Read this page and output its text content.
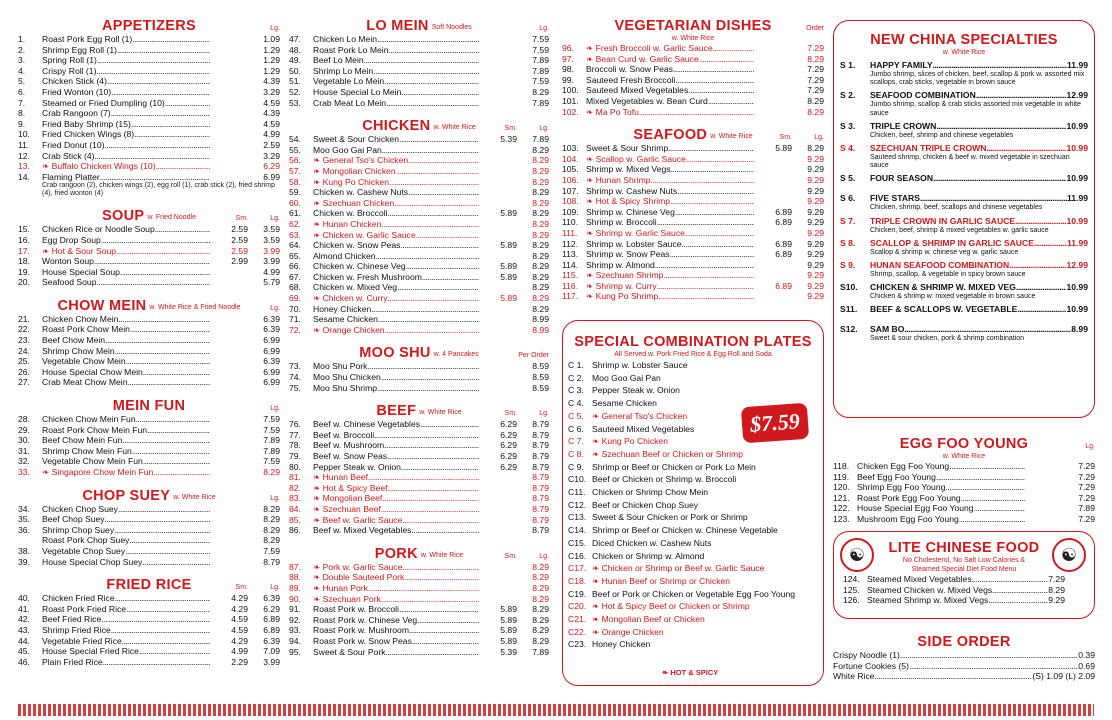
APPETIZERS	Lg.
1.	Roast Pork Egg Roll (1) .....	1.09
2.	Shrimp Egg Roll (1) .....	1.29
3.	Spring Roll (1) .....	1.29
4.	Crispy Roll (1) .....	1.29
5.	Chicken Stick (4) .....	4.39
6.	Fried Wonton (10) .....	3.29
7.	Steamed or Fried Dumpling (10) .....	4.59
8.	Crab Rangoon (7) .....	4.39
9.	Fried Baby Shrimp (15) .....	4.59
10.	Fried Chicken Wings (8) .....	4.99
11.	Fried Donut (10) .....	2.59
12.	Crab Stick (4) .....	3.29
13.	❧ Buffalo Chicken Wings (10) .....	6.29
14.	Flaming Platter .....	6.99
Crab rangoon (2), chicken wings (2), egg roll (1), crab stick (2), fried shrimp (4), fried wonton (4)
SOUP w. Fried Noodle	Sm.	Lg.
15.	Chicken Rice or Noodle Soup .....	2.59	3.59
16.	Egg Drop Soup .....	2.59	3.59
17.	❧ Hot & Sour Soup .....	2.59	3.99
18.	Wonton Soup .....	2.99	3.99
19.	House Special Soup .....	4.99
20.	Seafood Soup .....	5.79
CHOW MEIN w. White Rice & Fried Noodle	Lg.
21.	Chicken Chow Mein .....	6.39
22.	Roast Pork Chow Mein .....	6.39
23.	Beef Chow Mein .....	6.99
24.	Shrimp Chow Mein .....	6.99
25.	Vegetable Chow Mein .....	6.39
26.	House Special Chow Mein .....	6.99
27.	Crab Meat Chow Mein .....	6.99
MEIN FUN	Lg.
28.	Chicken Chow Mein Fun .....	7.59
29.	Roast Pork Chow Mein Fun .....	7.59
30.	Beef Chow Mein Fun .....	7.89
31.	Shrimp Chow Mein Fun .....	7.89
32.	Vegetable Chow Mein Fun .....	7.59
33.	❧ Singapore Chow Mein Fun .....	8.29
CHOP SUEY w. White Rice	Lg.
34.	Chicken Chop Suey .....	8.29
35.	Beef Chop Suey .....	8.29
36.	Shrimp Chop Suey .....	8.29
Roast Pork Chop Suey .....	8.29
38.	Vegetable Chop Suey .....	7.59
39.	House Special Chop Suey .....	8.79
FRIED RICE	Sm.	Lg.
40.	Chicken Fried Rice .....	4.29	6.39
41.	Roast Pork Fried Rice .....	4.29	6.29
42.	Beef Fried Rice .....	4.59	6.89
43.	Shrimp Fried Rice .....	4.59	6.89
44.	Vegetable Fried Rice .....	4.29	6.39
45.	House Special Fried Rice .....	4.99	7.09
46.	Plain Fried Rice .....	2.29	3.99
LO MEIN Soft Noodles	Lg.
47.	Chicken Lo Mein .....	7.59
48.	Roast Pork Lo Mein .....	7.59
49.	Beef Lo Mein .....	7.89
50.	Shrimp Lo Mein .....	7.89
51.	Vegetable Lo Mein .....	7.59
52.	House Special Lo Mein .....	8.29
53.	Crab Meat Lo Mein .....	7.89
CHICKEN w. White Rice	Sm.	Lg.
54.	Sweet & Sour Chicken .....	5.39	7.89
55.	Moo Goo Gai Pan .....	8.29
56.	❧ General Tso's Chicken .....	8.29
57.	❧ Mongolian Chicken .....	8.29
58.	❧ Kung Po Chicken .....	8.29
59.	Chicken w. Cashew Nuts .....	8.29
60.	❧ Szechuan Chicken .....	8.29
61.	Chicken w. Broccoli .....	5.89	8.29
62.	❧ Hunan Chicken .....	8.29
63.	❧ Chicken w. Garlic Sauce .....	8.29
64.	Chicken w. Snow Peas .....	5.89	8.29
65.	Almond Chicken .....	8.29
66.	Chicken w. Chinese Veg .....	5.89	8.29
67.	Chicken w. Fresh Mushroom .....	5.89	8.29
68.	Chicken w. Mixed Veg .....	8.29
69.	❧ Chicken w. Curry .....	5.89	8.29
70.	Honey Chicken .....	8.29
71.	Sesame Chicken .....	8.99
72.	❧ Orange Chicken .....	8.99
MOO SHU w. 4 Pancakes	Per Order
73.	Moo Shu Pork .....	8.59
74.	Moo Shu Chicken .....	8.59
75.	Moo Shu Shrimp .....	8.59
BEEF w. White Rice	Sm.	Lg.
76.	Beef w. Chinese Vegetables .....	6.29	8.79
77.	Beef w. Broccoli .....	6.29	8.79
78.	Beef w. Mushroom .....	6.29	8.79
79.	Beef w. Snow Peas .....	6.29	8.79
80.	Pepper Steak w. Onion .....	6.29	8.79
81.	❧ Hunan Beef .....	8.79
82.	❧ Hot & Spicy Beef .....	8.79
83.	❧ Mongolian Beef .....	8.79
84.	❧ Szechuan Beef .....	8.79
85.	❧ Beef w. Garlic Sauce .....	8.79
86.	Beef w. Mixed Vegetables .....	8.79
PORK w. White Rice	Sm.	Lg.
87.	❧ Pork w. Garlic Sauce .....	8.29
88.	❧ Double Sauteed Pork .....	8.29
89.	❧ Hunan Pork .....	8.29
90.	❧ Szechuan Pork .....	8.29
91.	Roast Pork w. Broccoli .....	5.89	8.29
92.	Roast Pork w. Chinese Veg .....	5.89	8.29
93.	Roast Pork w. Mushroom .....	5.89	8.29
94.	Roast Pork w. Snow Peas .....	5.89	8.29
95.	Sweet & Sour Pork .....	5.39	7.89
VEGETARIAN DISHES	Order
w. White Rice
96.	❧ Fresh Broccoli w. Garlic Sauce .....	7.29
97.	❧ Bean Curd w. Garlic Sauce .....	8.29
98.	Broccoli w. Snow Peas .....	7.29
99.	Sauteed Fresh Broccoli .....	7.29
100. Sauteed Mixed Vegetables .....	7.29
101. Mixed Vegetables w. Bean Curd .....	8.29
102. ❧ Ma Po Tofu .....	8.29
SEAFOOD w. White Rice	Sm.	Lg.
103. Sweet & Sour Shrimp .....	5.89	8.29
104. ❧ Scallop w. Garlic Sauce .....	9.29
105. Shrimp w. Mixed Vegs .....	9.29
106. ❧ Hunan Shrimp .....	9.29
107. Shrimp w. Cashew Nuts .....	9.29
108. ❧ Hot & Spicy Shrimp .....	9.29
109. Shrimp w. Chinese Veg .....	6.89	9.29
110. Shrimp w. Broccoli .....	6.89	9.29
111. ❧ Shrimp w. Garlic Sauce .....	9.29
112. Shrimp w. Lobster Sauce .....	6.89	9.29
113. Shrimp w. Snow Peas .....	6.89	9.29
114. Shrimp w. Almond .....	9.29
115. ❧ Szechuan Shrimp .....	9.29
116. ❧ Shrimp w. Curry .....	6.89	9.29
117. ❧ Kung Po Shrimp .....	9.29
SPECIAL COMBINATION PLATES
All Served w. Pork Fried Rice & Egg Roll and Soda
C 1. Shrimp w. Lobster Sauce
C 2. Moo Goo Gai Pan
C 3. Pepper Steak w. Onion
C 4. Sesame Chicken
C 5. ❧ General Tso's Chicken
C 6. Sauteed Mixed Vegetables
C 7. ❧ Kung Po Chicken
C 8. ❧ Szechuan Beef or Chicken or Shrimp
C 9. Shrimp or Beef or Chicken or Pork Lo Mein
C10. Beef or Chicken or Shrimp w. Broccoli
C11. Chicken or Shrimp Chow Mein
C12. Beef or Chicken Chop Suey
C13. Sweet & Sour Chicken or Pork or Shrimp
C14. Shrimp or Beef or Chicken w. Chinese Vegetable
C15. Diced Chicken w. Cashew Nuts
C16. Chicken or Shrimp w. Almond
C17. ❧ Chicken or Shrimp or Beef w. Garlic Sauce
C18. ❧ Hunan Beef or Shrimp or Chicken
C19. Beef or Pork or Chicken or Vegetable Egg Foo Young
C20. ❧ Hot & Spicy Beef or Chicken or Shrimp
C21. ❧ Mongolian Beef or Chicken
C22. ❧ Orange Chicken
C23. Honey Chicken
$7.59
❧ HOT & SPICY
NEW CHINA SPECIALTIES
w. White Rice
S 1.	HAPPY FAMILY .....	11.99
Jumbo shrimp, slices of chicken, beef, scallop & pork w. assorted mix scallops, crab sticks, vegetable in brown sauce
S 2.	SEAFOOD COMBINATION .....	12.99
Jumbo shrimp, scallop & crab sticks assorted mix vegetable in white sauce
S 3.	TRIPLE CROWN .....	10.99
Chicken, beef, shrimp and chinese vegetables
S 4.	SZECHUAN TRIPLE CROWN .....	10.99
Sauteed shrimp, chicken & beef w. mixed vegetable in szechuan sauce
S 5.	FOUR SEASON .....	10.99
S 6.	FIVE STARS .....	11.99
Chicken, shrimp, beef, scallops and chinese vegetables
S 7.	TRIPLE CROWN IN GARLIC SAUCE .....	10.99
Chicken, beef, shrimp & mixed vegetables w. garlic sauce
S 8.	SCALLOP & SHRIMP IN GARLIC SAUCE .....	11.99
Scallop & shrimp w. chinese veg w. garlic sauce
S 9.	HUNAN SEAFOOD COMBINATION .....	12.99
Shrimp, scallop, & vegetable in spicy brown sauce
S10.	CHICKEN & SHRIMP W. MIXED VEG .....	10.99
Chicken & shrimp w. mixed vegetable in brown sauce
S11.	BEEF & SCALLOPS W. VEGETABLE .....	10.99
S12.	SAM BO .....	8.99
Sweet & sour chicken, pork & shrimp combination
EGG FOO YOUNG	Lg.
w. White Rice
118. Chicken Egg Foo Young .....	7.29
119. Beef Egg Foo Young .....	7.29
120. Shrimp Egg Foo Young .....	7.29
121. Roast Pork Egg Foo Young .....	7.29
122. House Special Egg Foo Young .....	7.89
123. Mushroom Egg Foo Young .....	7.29
☯	☯
LITE CHINESE FOOD
No Cholesterol, No Salt Low Calories &
Steamed Special Diet Food Menu
124. Steamed Mixed Vegetables .....	7.29
125. Steamed Chicken w. Mixed Vegs .....	8.29
126. Steamed Shrimp w. Mixed Vegs .....	9.29
SIDE ORDER
Crispy Noodle (1) .....	0.39
Fortune Cookies (5) .....	0.69
White Rice .....	(S) 1.09 (L) 2.09
